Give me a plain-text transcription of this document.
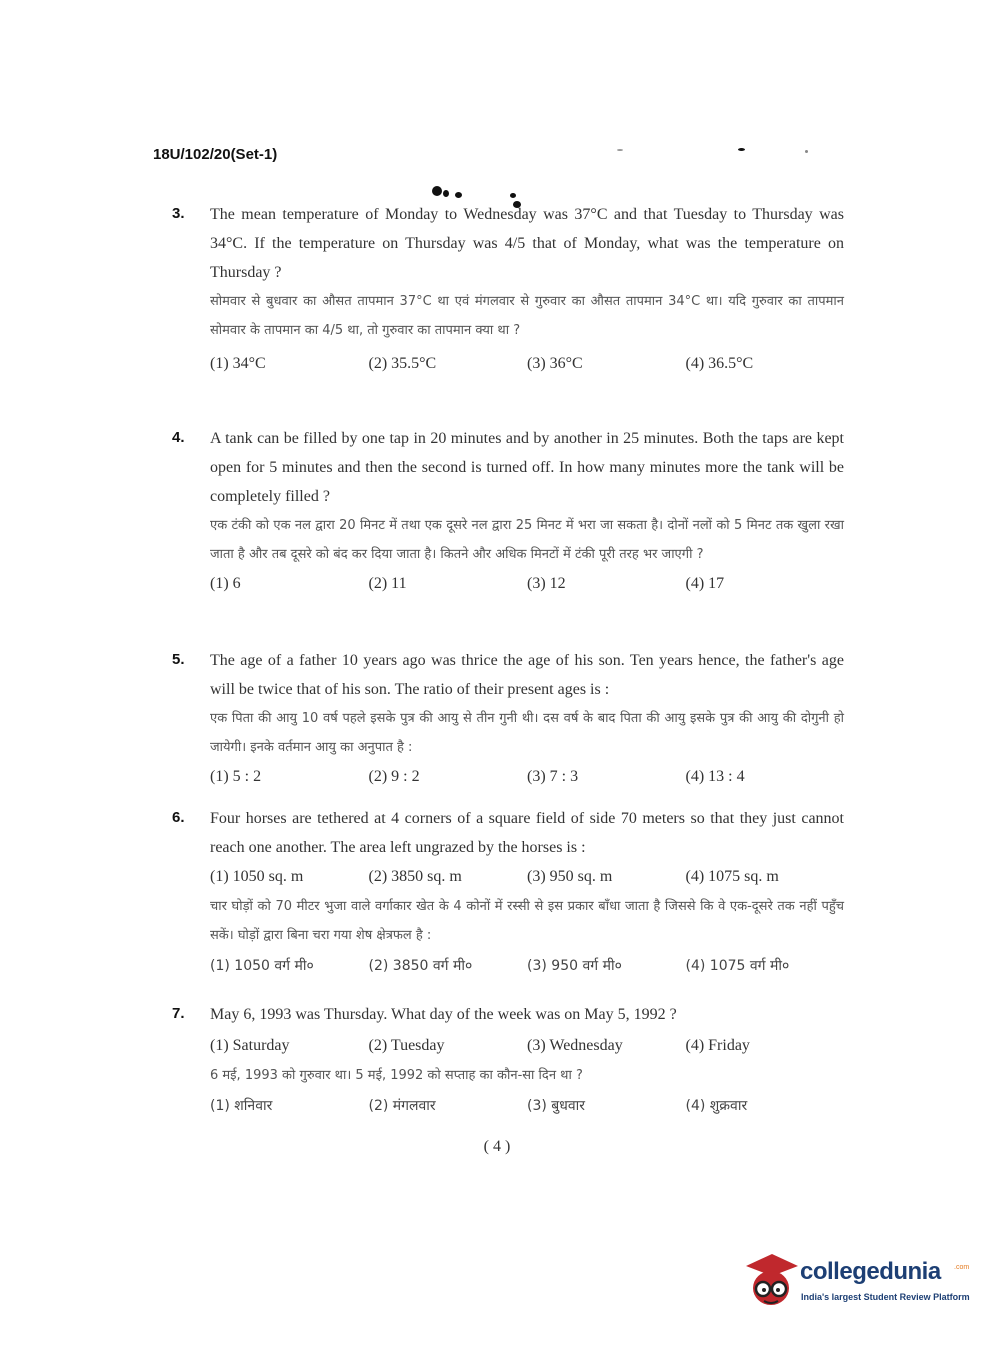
18U/102/20(Set-1)
3. The mean temperature of Monday to Wednesday was 37°C and that Tuesday to Thursday was 34°C. If the temperature on Thursday was 4/5 that of Monday, what was the temperature on Thursday ?
सोमवार से बुधवार का औसत तापमान 37°C था एवं मंगलवार से गुरुवार का औसत तापमान 34°C था। यदि गुरुवार का तापमान सोमवार के तापमान का 4/5 था, तो गुरुवार का तापमान क्या था ?
(1) 34°C	(2) 35.5°C	(3) 36°C	(4) 36.5°C
4. A tank can be filled by one tap in 20 minutes and by another in 25 minutes. Both the taps are kept open for 5 minutes and then the second is turned off. In how many minutes more the tank will be completely filled ?
एक टंकी को एक नल द्वारा 20 मिनट में तथा एक दूसरे नल द्वारा 25 मिनट में भरा जा सकता है। दोनों नलों को 5 मिनट तक खुला रखा जाता है और तब दूसरे को बंद कर दिया जाता है। कितने और अधिक मिनटों में टंकी पूरी तरह भर जाएगी ?
(1) 6	(2) 11	(3) 12	(4) 17
5. The age of a father 10 years ago was thrice the age of his son. Ten years hence, the father's age will be twice that of his son. The ratio of their present ages is :
एक पिता की आयु 10 वर्ष पहले इसके पुत्र की आयु से तीन गुनी थी। दस वर्ष के बाद पिता की आयु इसके पुत्र की आयु की दोगुनी हो जायेगी। इनके वर्तमान आयु का अनुपात है :
(1) 5 : 2	(2) 9 : 2	(3) 7 : 3	(4) 13 : 4
6. Four horses are tethered at 4 corners of a square field of side 70 meters so that they just cannot reach one another. The area left ungrazed by the horses is :
(1) 1050 sq. m	(2) 3850 sq. m	(3) 950 sq. m	(4) 1075 sq. m
चार घोड़ों को 70 मीटर भुजा वाले वर्गाकार खेत के 4 कोनों में रस्सी से इस प्रकार बाँधा जाता है जिससे कि वे एक-दूसरे तक नहीं पहुँच सकें। घोड़ों द्वारा बिना चरा गया शेष क्षेत्रफल है :
(1) 1050 वर्ग मी०	(2) 3850 वर्ग मी०	(3) 950 वर्ग मी०	(4) 1075 वर्ग मी०
7. May 6, 1993 was Thursday. What day of the week was on May 5, 1992 ?
(1) Saturday	(2) Tuesday	(3) Wednesday	(4) Friday
6 मई, 1993 को गुरुवार था। 5 मई, 1992 को सप्ताह का कौन-सा दिन था ?
(1) शनिवार	(2) मंगलवार	(3) बुधवार	(4) शुक्रवार
( 4 )
collegedunia .com
India's largest Student Review Platform
